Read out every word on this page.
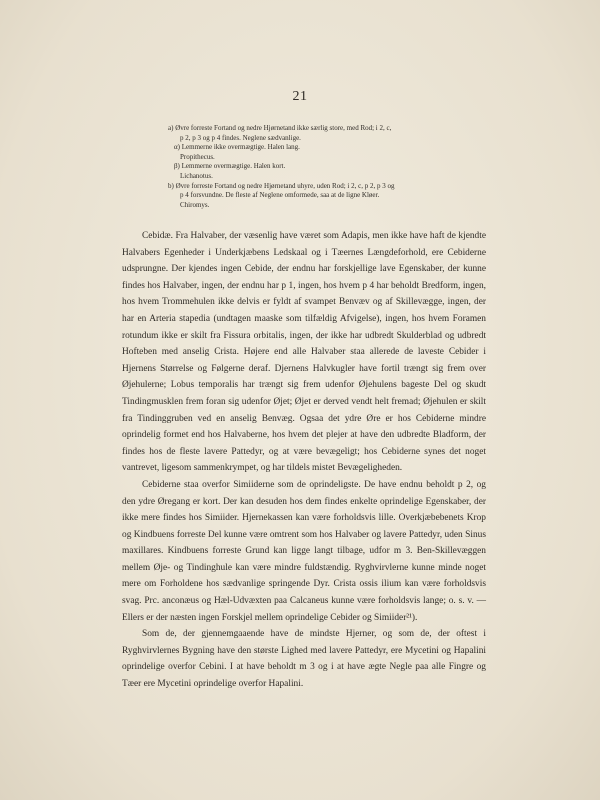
21
a) Øvre forreste Fortand og nedre Hjørnetand ikke særlig store, med Rod; i 2, c,
p 2, p 3 og p 4 findes. Neglene sædvanlige.
α) Lemmerne ikke overmægtige. Halen lang.
Propithecus.
β) Lemmerne overmægtige. Halen kort.
Lichanotus.
b) Øvre forreste Fortand og nedre Hjørnetand uhyre, uden Rod; i 2, c, p 2, p 3 og
p 4 forsvundne. De fleste af Neglene omformede, saa at de ligne Kløer.
Chiromys.

Cebidæ. Fra Halvaber, der væsenlig have været som Adapis, men ikke have haft de kjendte Halvabers Egenheder i Underkjæbens Ledskaal og i Tæernes Længdeforhold, ere Cebiderne udsprungne. Der kjendes ingen Cebide, der endnu har forskjellige lave Egenskaber, der kunne findes hos Halvaber, ingen, der endnu har p 1, ingen, hos hvem p 4 har beholdt Bredform, ingen, hos hvem Trommehulen ikke delvis er fyldt af svampet Benvæv og af Skillevægge, ingen, der har en Arteria stapedia (undtagen maaske som tilfældig Afvigelse), ingen, hos hvem Foramen rotundum ikke er skilt fra Fissura orbitalis, ingen, der ikke har udbredt Skulderblad og udbredt Hofteben med anselig Crista. Højere end alle Halvaber staa allerede de laveste Cebider i Hjernens Størrelse og Følgerne deraf. Djernens Halvkugler have fortil trængt sig frem over Øjehulerne; Lobus temporalis har trængt sig frem udenfor Øjehulens bageste Del og skudt Tindingmusklen frem foran sig udenfor Øjet; Øjet er derved vendt helt fremad; Øjehulen er skilt fra Tindinggruben ved en anselig Benvæg. Ogsaa det ydre Øre er hos Cebiderne mindre oprindelig formet end hos Halvaberne, hos hvem det plejer at have den udbredte Bladform, der findes hos de fleste lavere Pattedyr, og at være bevægeligt; hos Cebiderne synes det noget vantrevet, ligesom sammenkrympet, og har tildels mistet Bevægeligheden.

Cebiderne staa overfor Simiiderne som de oprindeligste. De have endnu beholdt p 2, og den ydre Øregang er kort. Der kan desuden hos dem findes enkelte oprindelige Egenskaber, der ikke mere findes hos Simiider. Hjernekassen kan være forholdsvis lille. Overkjæbebenets Krop og Kindbuens forreste Del kunne være omtrent som hos Halvaber og lavere Pattedyr, uden Sinus maxillares. Kindbuens forreste Grund kan ligge langt tilbage, udfor m 3. Ben-Skillevæggen mellem Øje- og Tindinghule kan være mindre fuldstændig. Ryghvirvlerne kunne minde noget mere om Forholdene hos sædvanlige springende Dyr. Crista ossis ilium kan være forholdsvis svag. Prc. anconæus og Hæl-Udvæxten paa Calcaneus kunne være forholdsvis lange; o. s. v. — Ellers er der næsten ingen Forskjel mellem oprindelige Cebider og Simiider²¹).

Som de, der gjennemgaaende have de mindste Hjerner, og som de, der oftest i Ryghvirvlernes Bygning have den største Lighed med lavere Pattedyr, ere Mycetini og Hapalini oprindelige overfor Cebini. I at have beholdt m 3 og i at have ægte Negle paa alle Fingre og Tæer ere Mycetini oprindelige overfor Hapalini.
